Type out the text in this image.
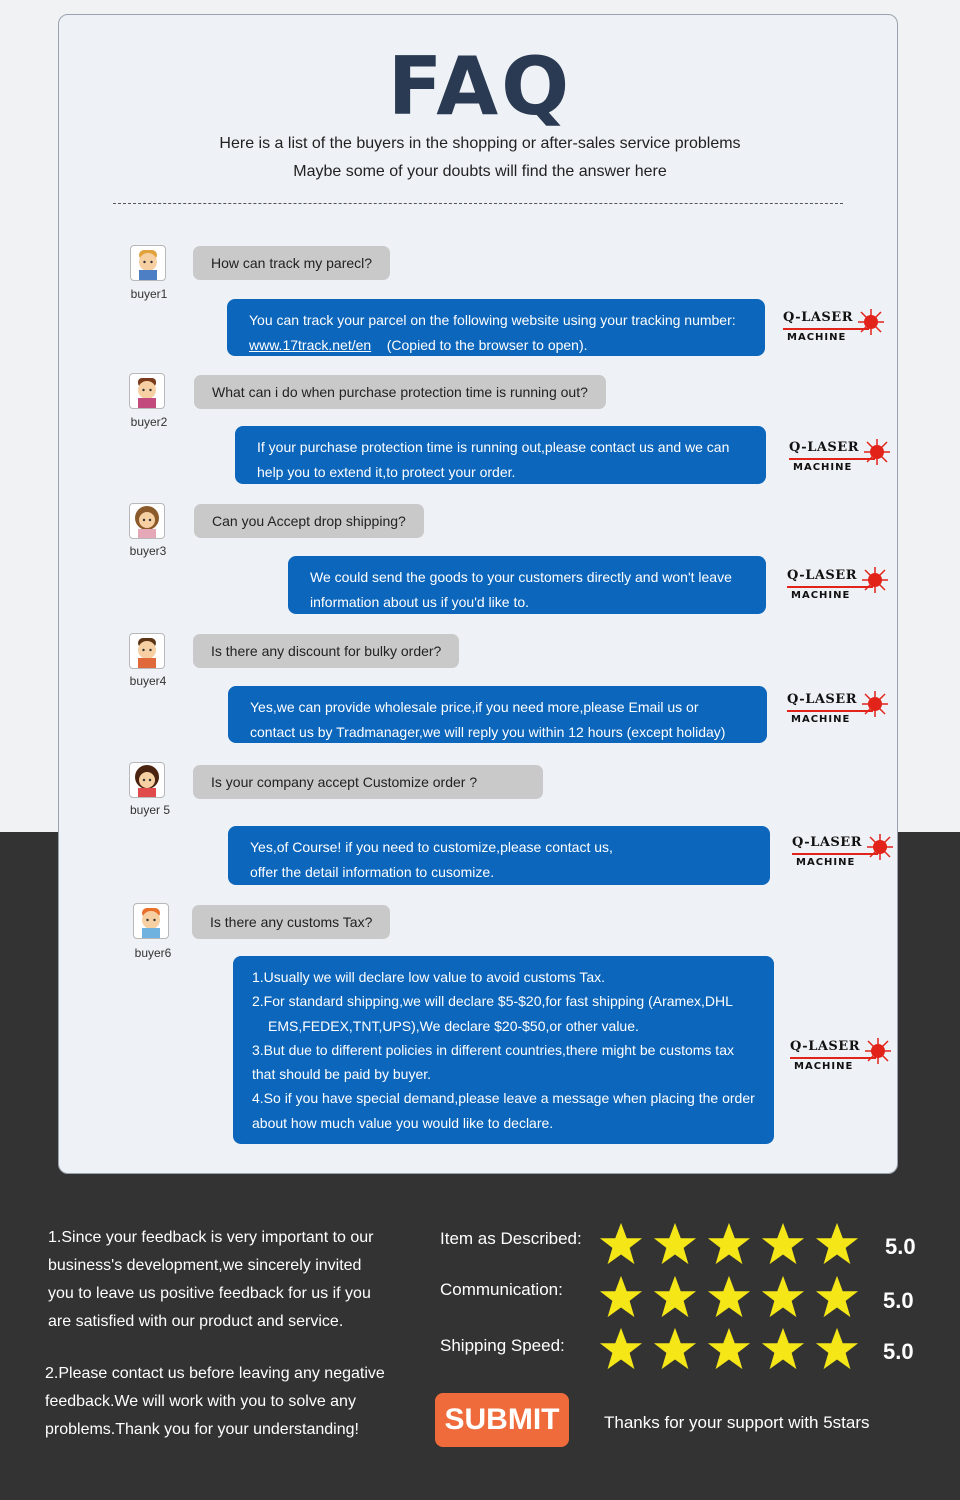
FAQ
Here is a list of the buyers in the shopping or after-sales service problems
Maybe some of your doubts will find the answer here
buyer1
How can track my parecl?
You can track your parcel on the following website using your tracking number:
www.17track.net/en (Copied to the browser to open).
Q-LASER
MACHINE
buyer2
What can i do when purchase protection time is running out?
If your purchase protection time is running out,please contact us and we can
help you to extend it,to protect your order.
Q-LASER
MACHINE
buyer3
Can you Accept drop shipping?
We could send the goods to your customers directly and won't leave
information about us if you'd like to.
Q-LASER
MACHINE
buyer4
Is there any discount for bulky order?
Yes,we can provide wholesale price,if you need more,please Email us or
contact us by Tradmanager,we will reply you within 12 hours (except holiday)
Q-LASER
MACHINE
buyer 5
Is your company accept Customize order ?
Yes,of Course! if you need to customize,please contact us,
offer the detail information to cusomize.
Q-LASER
MACHINE
buyer6
Is there any customs Tax?
1.Usually we will declare low value to avoid customs Tax.
2.For standard shipping,we will declare $5-$20,for fast shipping (Aramex,DHL
EMS,FEDEX,TNT,UPS),We declare $20-$50,or other value.
3.But due to different policies in different countries,there might be customs tax
that should be paid by buyer.
4.So if you have special demand,please leave a message when placing the order
about how much value you would like to declare.
Q-LASER
MACHINE
1.Since your feedback is very important to our
business's development,we sincerely invited
you to leave us positive feedback for us if you
are satisfied with our product and service.
2.Please contact us before leaving any negative
feedback.We will work with you to solve any
problems.Thank you for your understanding!
Item as Described:	5.0
Communication:	5.0
Shipping Speed:	5.0
SUBMIT	Thanks for your support with 5stars
